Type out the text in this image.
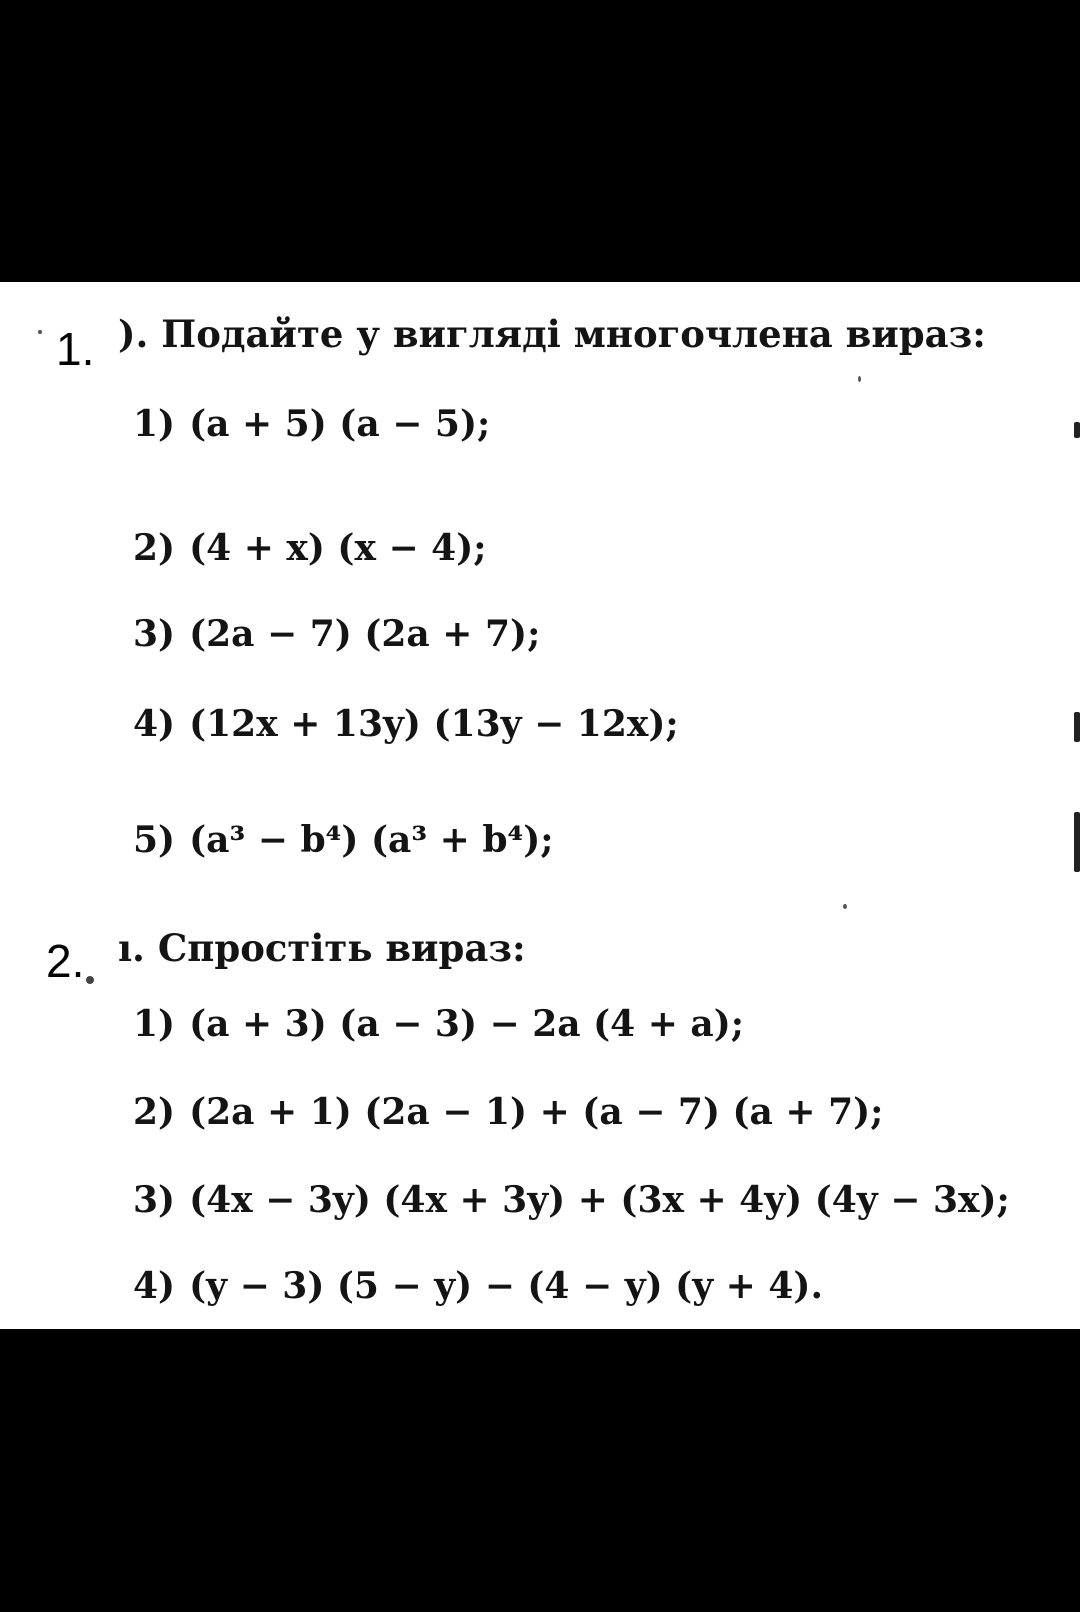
1. ). Подайте у вигляді многочлена вираз:
1) (a + 5) (a − 5);
2) (4 + x) (x − 4);
3) (2a − 7) (2a + 7);
4) (12x + 13y) (13y − 12x);
5) (a³ − b⁴) (a³ + b⁴);
2. ı. Спростіть вираз:
1) (a + 3) (a − 3) − 2a (4 + a);
2) (2a + 1) (2a − 1) + (a − 7) (a + 7);
3) (4x − 3y) (4x + 3y) + (3x + 4y) (4y − 3x);
4) (y − 3) (5 − y) − (4 − y) (y + 4).
